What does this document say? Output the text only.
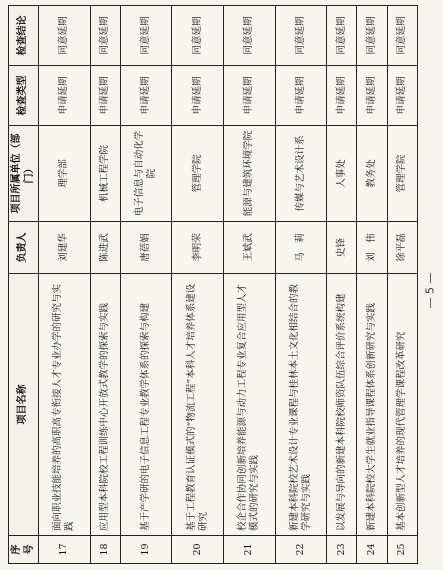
序号	项目名称	负责人	项目所属单位（部门）	检查类型	检查结论
17	面向职业技能培养的高职高专衔接人才专业办学的研究与实践	刘建华	理学部	申请延期	同意延期
18	应用型本科院校工程训练中心开放式教学的探索与实践	陈进武	机械工程学院	申请延期	同意延期
19	基于产学研的电子信息工程专业教学体系的探索与构建	唐蓓娟	电子信息与自动化学院	申请延期	同意延期
20	基于工程教育认证模式的“物流工程”本科人才培养体系建设研究	李明荣	管理学院	申请延期	同意延期
21	校企合作协同创新培养能源与动力工程专业复合应用型人才模式的研究与实践	王斌武	能源与建筑环境学院	申请延期	同意延期
22	新建本科院校艺术设计专业课程与桂林本土文化相结合的教学研究与实践	马　莉	传媒与艺术设计系	申请延期	同意延期
23	以发展与导向的新建本科院校师资队伍综合评价系统构建	史锋	人事处	申请延期	同意延期
24	新建本科院校大学生就业指导课程体系创新研究与实践	刘　伟	教务处	申请延期	同意延期
25	基本创新型人才培养的现代管理学课程改革研究	徐平磊	管理学院	申请延期	同意延期
— 5 —
